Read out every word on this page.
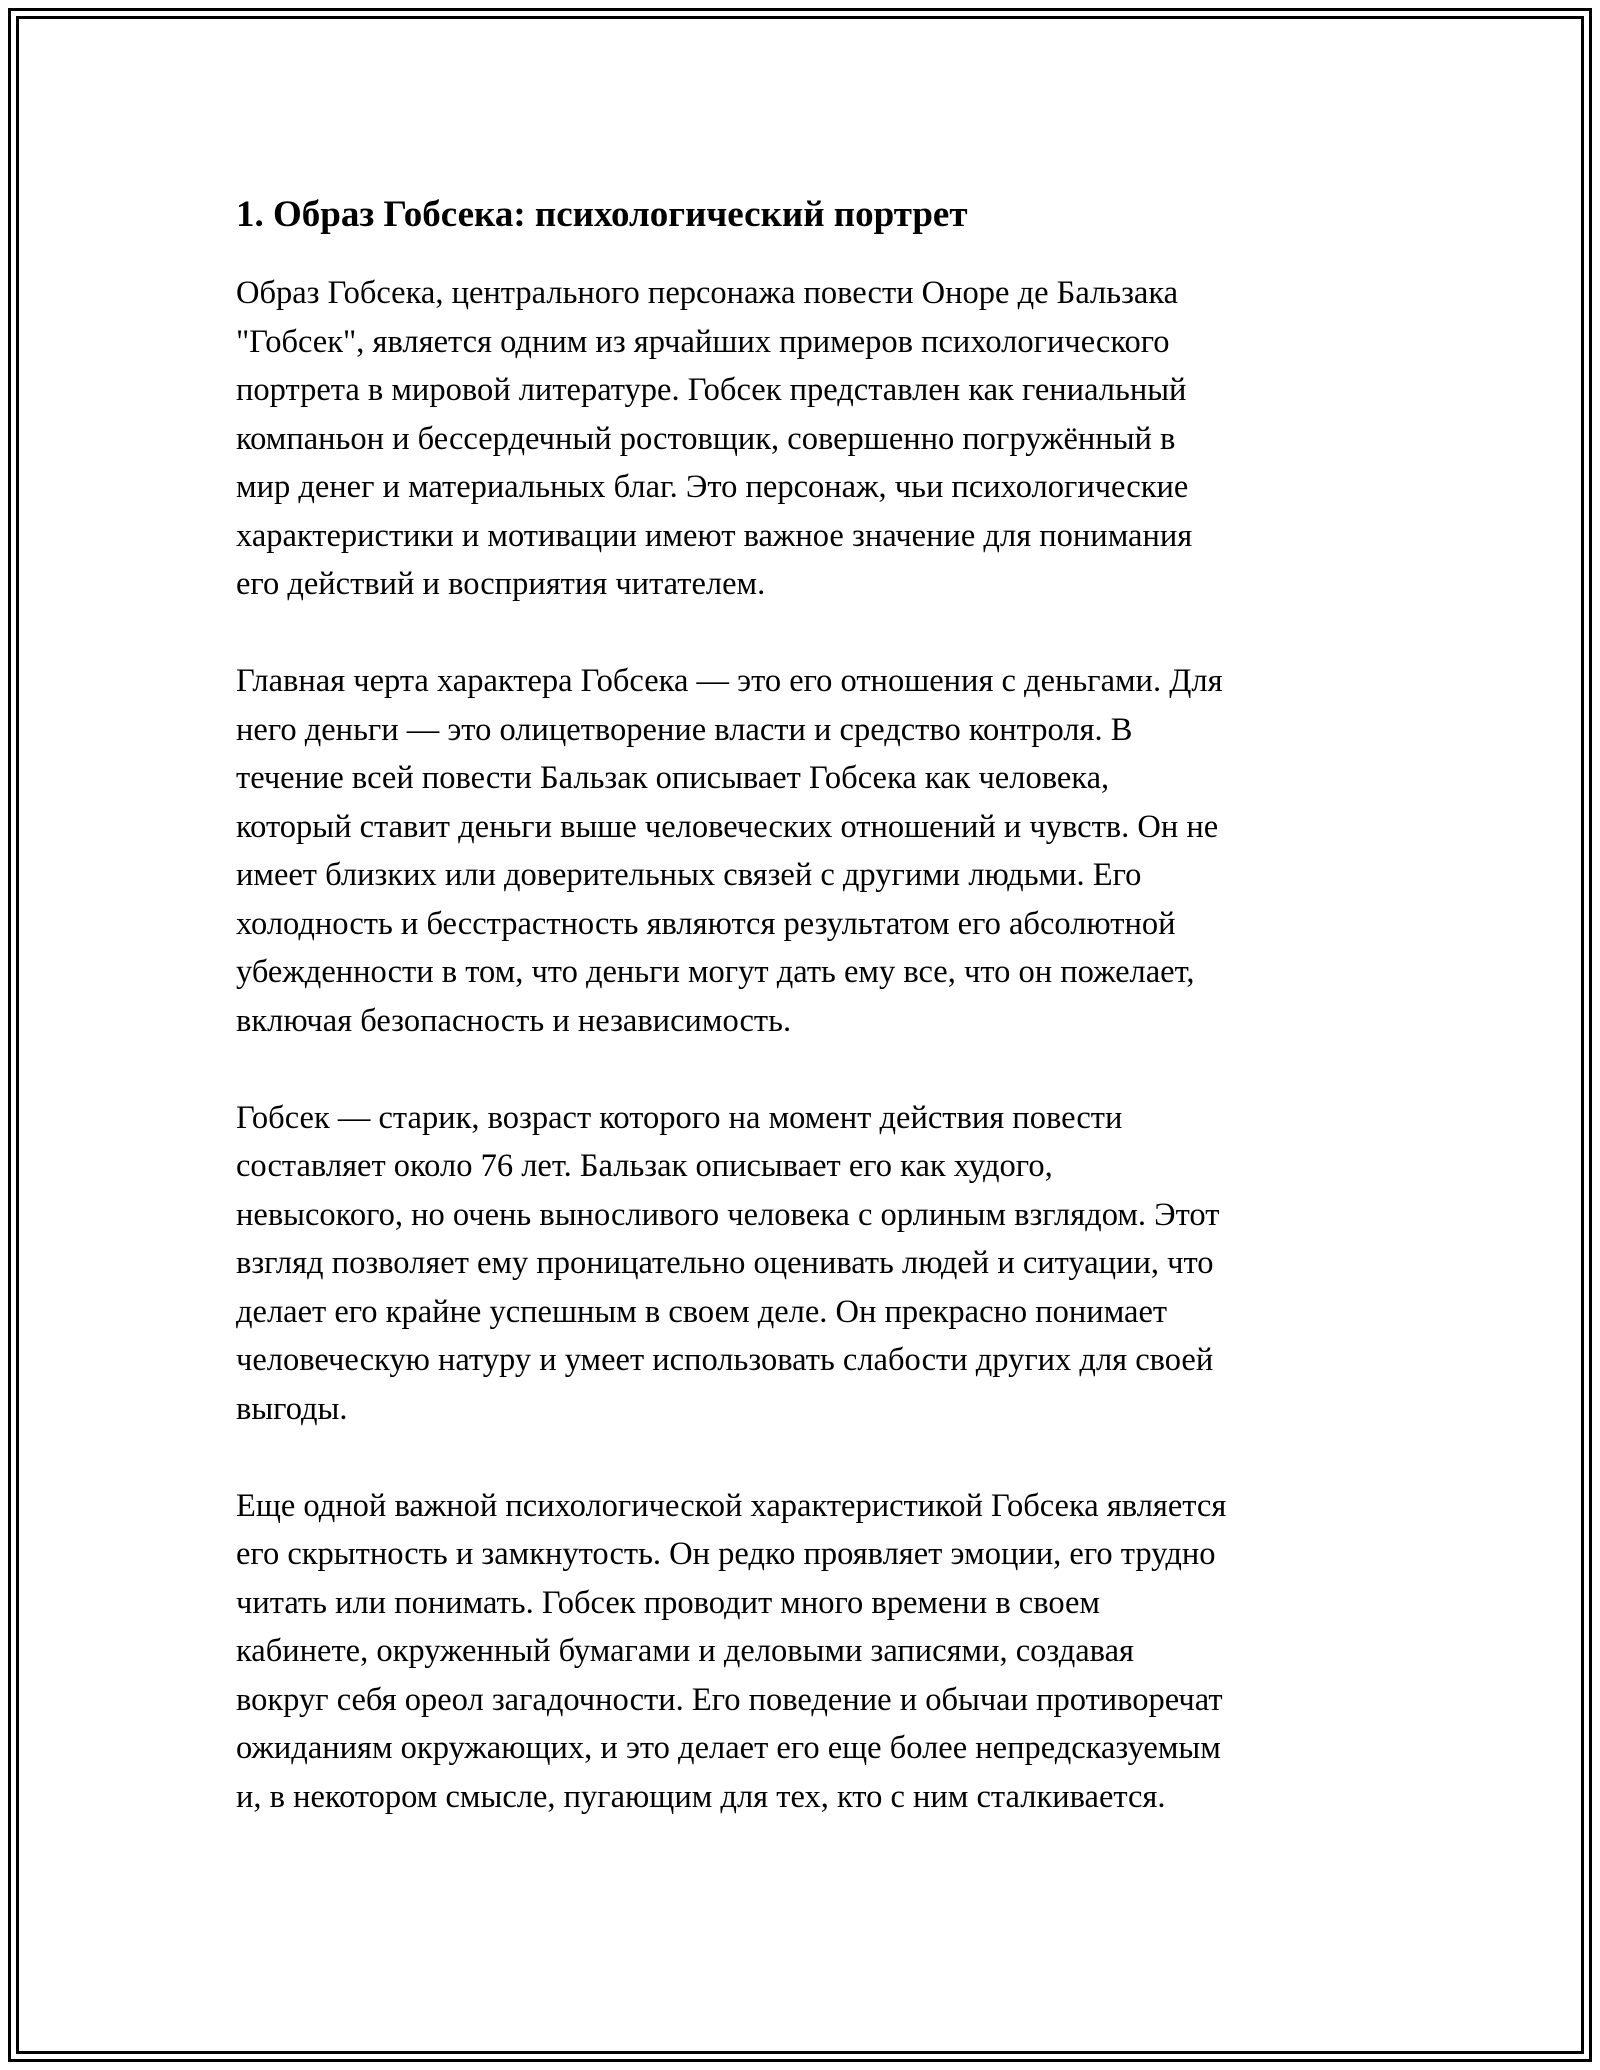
1. Образ Гобсека: психологический портрет

Образ Гобсека, центрального персонажа повести Оноре де Бальзака
"Гобсек", является одним из ярчайших примеров психологического
портрета в мировой литературе. Гобсек представлен как гениальный
компаньон и бессердечный ростовщик, совершенно погружённый в
мир денег и материальных благ. Это персонаж, чьи психологические
характеристики и мотивации имеют важное значение для понимания
его действий и восприятия читателем.

Главная черта характера Гобсека — это его отношения с деньгами. Для
него деньги — это олицетворение власти и средство контроля. В
течение всей повести Бальзак описывает Гобсека как человека,
который ставит деньги выше человеческих отношений и чувств. Он не
имеет близких или доверительных связей с другими людьми. Его
холодность и бесстрастность являются результатом его абсолютной
убежденности в том, что деньги могут дать ему все, что он пожелает,
включая безопасность и независимость.

Гобсек — старик, возраст которого на момент действия повести
составляет около 76 лет. Бальзак описывает его как худого,
невысокого, но очень выносливого человека с орлиным взглядом. Этот
взгляд позволяет ему проницательно оценивать людей и ситуации, что
делает его крайне успешным в своем деле. Он прекрасно понимает
человеческую натуру и умеет использовать слабости других для своей
выгоды.

Еще одной важной психологической характеристикой Гобсека является
его скрытность и замкнутость. Он редко проявляет эмоции, его трудно
читать или понимать. Гобсек проводит много времени в своем
кабинете, окруженный бумагами и деловыми записями, создавая
вокруг себя ореол загадочности. Его поведение и обычаи противоречат
ожиданиям окружающих, и это делает его еще более непредсказуемым
и, в некотором смысле, пугающим для тех, кто с ним сталкивается.
